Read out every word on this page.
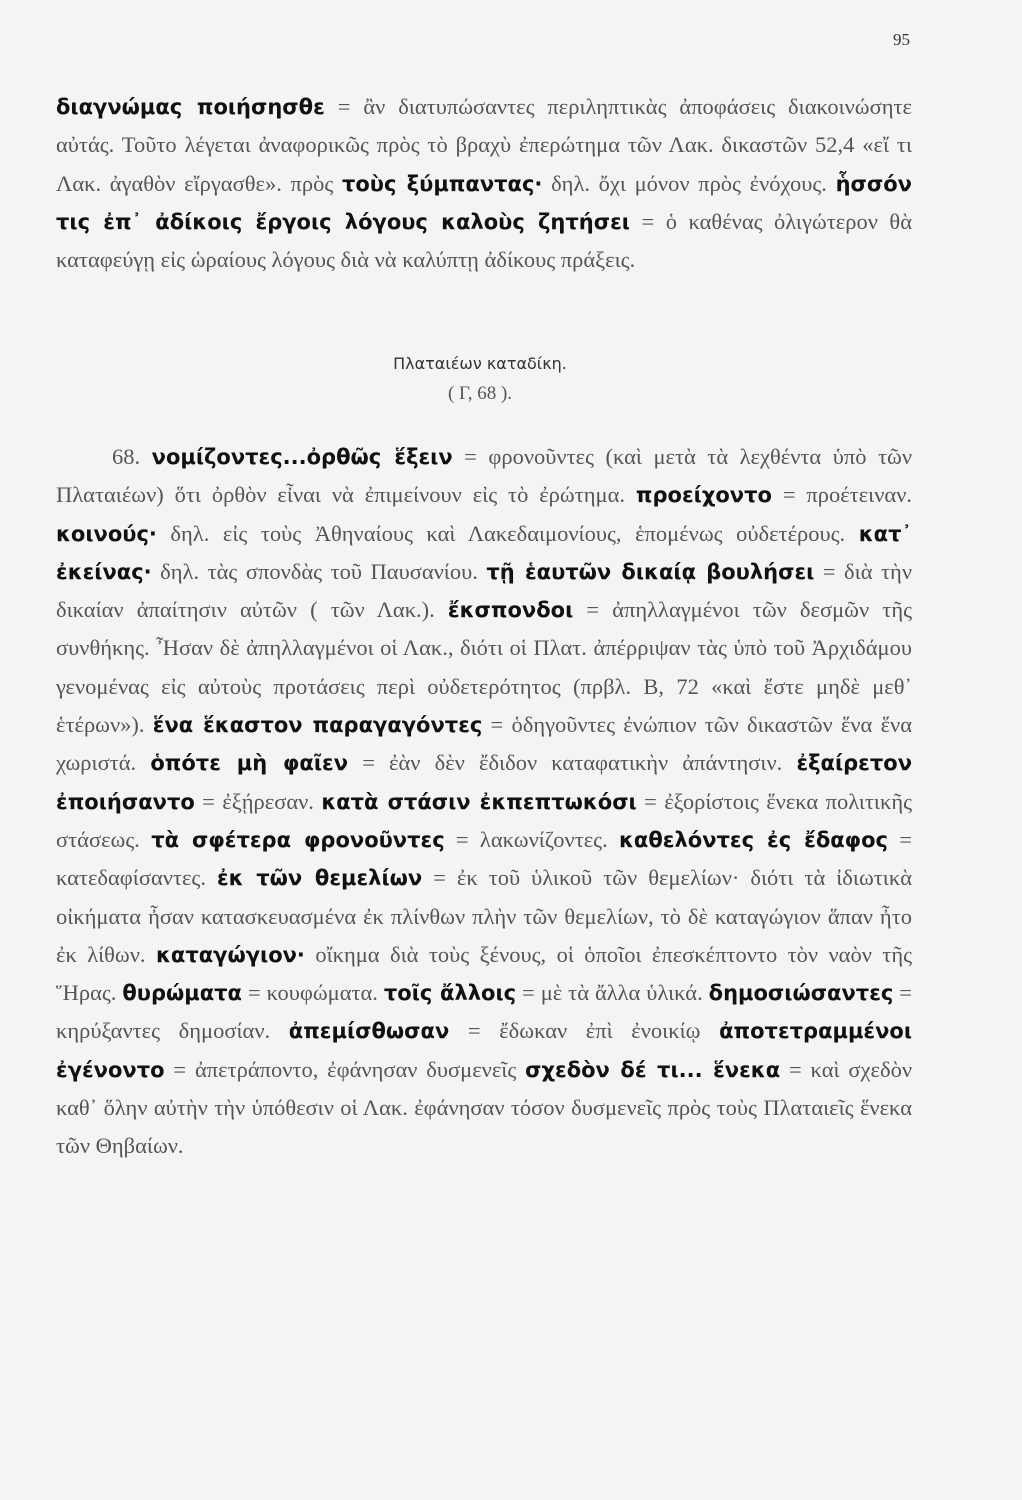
95

διαγνώμας ποιήσησθε = ἂν διατυπώσαντες περιληπτικὰς ἀποφάσεις διακοινώσητε αὐτάς. Τοῦτο λέγεται ἀναφορικῶς πρὸς τὸ βραχὺ ἐπερώτημα τῶν Λακ. δικαστῶν 52,4 «εἴ τι Λακ. ἀγαθὸν εἴργασθε». πρὸς τοὺς ξύμπαντας· δηλ. ὄχι μόνον πρὸς ἐνόχους. ἧσσόν τις ἐπ᾿ ἀδίκοις ἔργοις λόγους καλοὺς ζητήσει = ὁ καθένας ὀλιγώτερον θὰ καταφεύγῃ εἰς ὡραίους λόγους διὰ νὰ καλύπτῃ ἀδίκους πράξεις.

Πλαταιέων καταδίκη.
( Γ, 68 ).

68. νομίζοντες...ὀρθῶς ἕξειν = φρονοῦντες (καὶ μετὰ τὰ λεχθέντα ὑπὸ τῶν Πλαταιέων) ὅτι ὀρθὸν εἶναι νὰ ἐπιμείνουν εἰς τὸ ἐρώτημα. προείχοντο = προέτειναν. κοινούς· δηλ. εἰς τοὺς Ἀθηναίους καὶ Λακεδαιμονίους, ἑπομένως οὐδετέρους. κατ᾿ ἐκείνας· δηλ. τὰς σπονδὰς τοῦ Παυσανίου. τῇ ἑαυτῶν δικαίᾳ βουλήσει = διὰ τὴν δικαίαν ἀπαίτησιν αὐτῶν ( τῶν Λακ.). ἔκσπονδοι = ἀπηλλαγμένοι τῶν δεσμῶν τῆς συνθήκης. Ἦσαν δὲ ἀπηλλαγμένοι οἱ Λακ., διότι οἱ Πλατ. ἀπέρριψαν τὰς ὑπὸ τοῦ Ἀρχιδάμου γενομένας εἰς αὐτοὺς προτάσεις περὶ οὐδετερότητος (πρβλ. Β, 72 «καὶ ἔστε μηδὲ μεθ᾿ ἑτέρων»). ἕνα ἕκαστον παραγαγόντες = ὁδηγοῦντες ἐνώπιον τῶν δικαστῶν ἕνα ἕνα χωριστά. ὁπότε μὴ φαῖεν = ἐὰν δὲν ἔδιδον καταφατικὴν ἀπάντησιν. ἐξαίρετον ἐποιήσαντο = ἐξῄρεσαν. κατὰ στάσιν ἐκπεπτωκόσι = ἐξορίστοις ἕνεκα πολιτικῆς στάσεως. τὰ σφέτερα φρονοῦντες = λακωνίζοντες. καθελόντες ἐς ἔδαφος = κατεδαφίσαντες. ἐκ τῶν θεμελίων = ἐκ τοῦ ὑλικοῦ τῶν θεμελίων· διότι τὰ ἰδιωτικὰ οἰκήματα ἦσαν κατασκευασμένα ἐκ πλίνθων πλὴν τῶν θεμελίων, τὸ δὲ καταγώγιον ἅπαν ἦτο ἐκ λίθων. καταγώγιον· οἴκημα διὰ τοὺς ξένους, οἱ ὁποῖοι ἐπεσκέπτοντο τὸν ναὸν τῆς Ἥρας. θυρώματα = κουφώματα. τοῖς ἄλλοις = μὲ τὰ ἄλλα ὑλικά. δημοσιώσαντες = κηρύξαντες δημοσίαν. ἀπεμίσθωσαν = ἔδωκαν ἐπὶ ἐνοικίῳ ἀποτετραμμένοι ἐγένοντο = ἀπετράποντο, ἐφάνησαν δυσμενεῖς σχεδὸν δέ τι... ἕνεκα = καὶ σχεδὸν καθ᾿ ὅλην αὐτὴν τὴν ὑπόθεσιν οἱ Λακ. ἐφάνησαν τόσον δυσμενεῖς πρὸς τοὺς Πλαταιεῖς ἕνεκα τῶν Θηβαίων.
